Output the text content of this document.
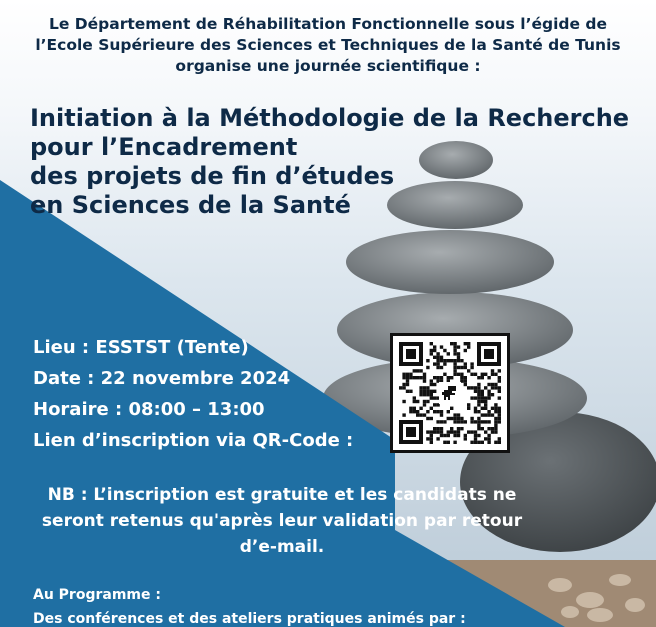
Le Département de Réhabilitation Fonctionnelle sous l’égide de
l’Ecole Supérieure des Sciences et Techniques de la Santé de Tunis
organise une journée scientifique :
Initiation à la Méthodologie de la Recherche
pour l’Encadrement
des projets de fin d’études
en Sciences de la Santé
Lieu : ESSTST (Tente)
Date : 22 novembre 2024
Horaire : 08:00 – 13:00
Lien d’inscription via QR-Code :
NB : L’inscription est gratuite et les candidats ne
seront retenus qu'après leur validation par retour
d’e-mail.
Au Programme :
Des conférences et des ateliers pratiques animés par :
